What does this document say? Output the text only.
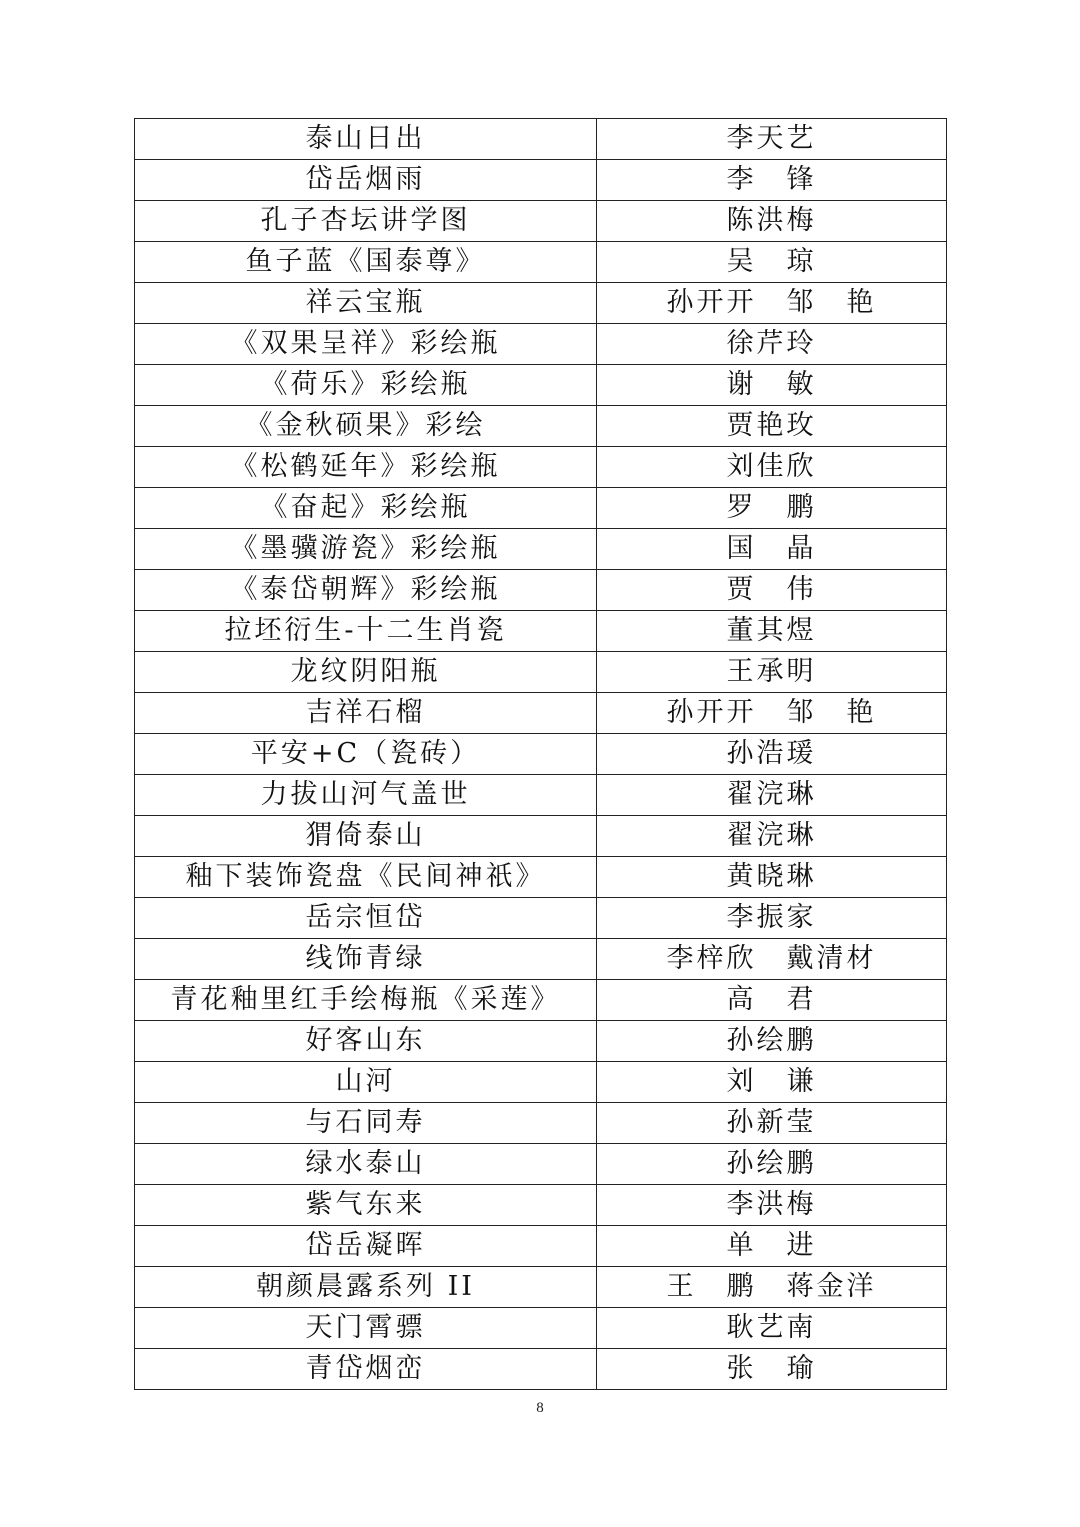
泰山日出	李天艺
岱岳烟雨	李　锋
孔子杏坛讲学图	陈洪梅
鱼子蓝《国泰尊》	吴　琼
祥云宝瓶	孙开开　邹　艳
《双果呈祥》彩绘瓶	徐芹玲
《荷乐》彩绘瓶	谢　敏
《金秋硕果》彩绘	贾艳玫
《松鹤延年》彩绘瓶	刘佳欣
《奋起》彩绘瓶	罗　鹏
《墨骥游瓷》彩绘瓶	国　晶
《泰岱朝辉》彩绘瓶	贾　伟
拉坯衍生-十二生肖瓷	董其煜
龙纹阴阳瓶	王承明
吉祥石榴	孙开开　邹　艳
平安+C（瓷砖）	孙浩瑗
力拔山河气盖世	翟浣琳
猬倚泰山	翟浣琳
釉下装饰瓷盘《民间神祇》	黄晓琳
岳宗恒岱	李振家
线饰青绿	李梓欣　戴清材
青花釉里红手绘梅瓶《采莲》	高　君
好客山东	孙绘鹏
山河	刘　谦
与石同寿	孙新莹
绿水泰山	孙绘鹏
紫气东来	李洪梅
岱岳凝晖	单　进
朝颜晨露系列 II	王　鹏　蒋金洋
天门霄骠	耿艺南
青岱烟峦	张　瑜
8
